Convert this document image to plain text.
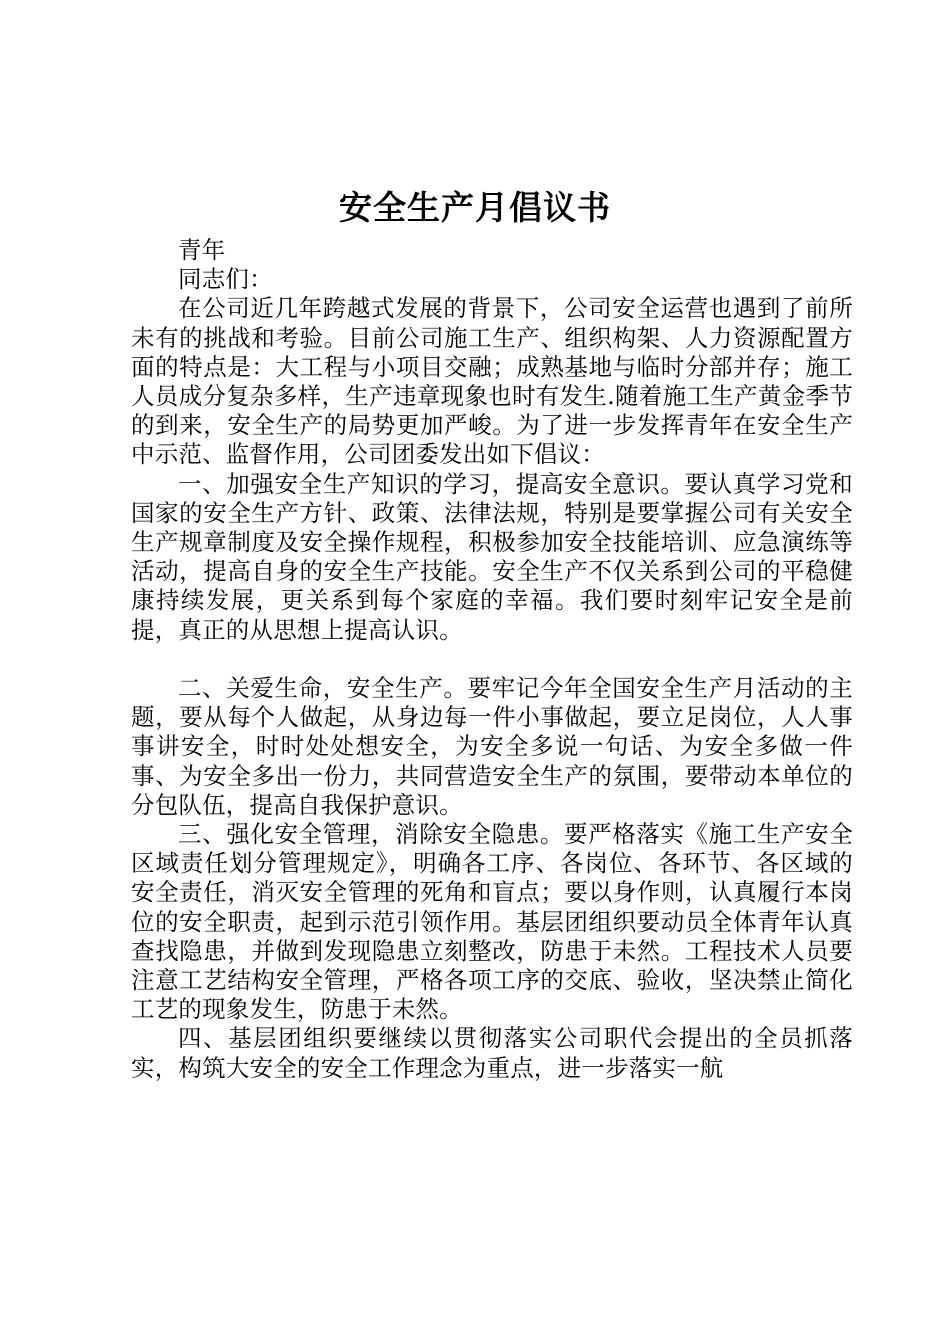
安全生产月倡议书

青年

同志们：

在公司近几年跨越式发展的背景下，公司安全运营也遇到了前所未有的挑战和考验。目前公司施工生产、组织构架、人力资源配置方面的特点是：大工程与小项目交融；成熟基地与临时分部并存；施工人员成分复杂多样，生产违章现象也时有发生.随着施工生产黄金季节的到来，安全生产的局势更加严峻。为了进一步发挥青年在安全生产中示范、监督作用，公司团委发出如下倡议：

一、加强安全生产知识的学习，提高安全意识。要认真学习党和国家的安全生产方针、政策、法律法规，特别是要掌握公司有关安全生产规章制度及安全操作规程，积极参加安全技能培训、应急演练等活动，提高自身的安全生产技能。安全生产不仅关系到公司的平稳健康持续发展，更关系到每个家庭的幸福。我们要时刻牢记安全是前提，真正的从思想上提高认识。

二、关爱生命，安全生产。要牢记今年全国安全生产月活动的主题，要从每个人做起，从身边每一件小事做起，要立足岗位，人人事事讲安全，时时处处想安全，为安全多说一句话、为安全多做一件事、为安全多出一份力，共同营造安全生产的氛围，要带动本单位的分包队伍，提高自我保护意识。

三、强化安全管理，消除安全隐患。要严格落实《施工生产安全区域责任划分管理规定》，明确各工序、各岗位、各环节、各区域的安全责任，消灭安全管理的死角和盲点；要以身作则，认真履行本岗位的安全职责，起到示范引领作用。基层团组织要动员全体青年认真查找隐患，并做到发现隐患立刻整改，防患于未然。工程技术人员要注意工艺结构安全管理，严格各项工序的交底、验收，坚决禁止简化工艺的现象发生，防患于未然。

四、基层团组织要继续以贯彻落实公司职代会提出的全员抓落实，构筑大安全的安全工作理念为重点，进一步落实一航
